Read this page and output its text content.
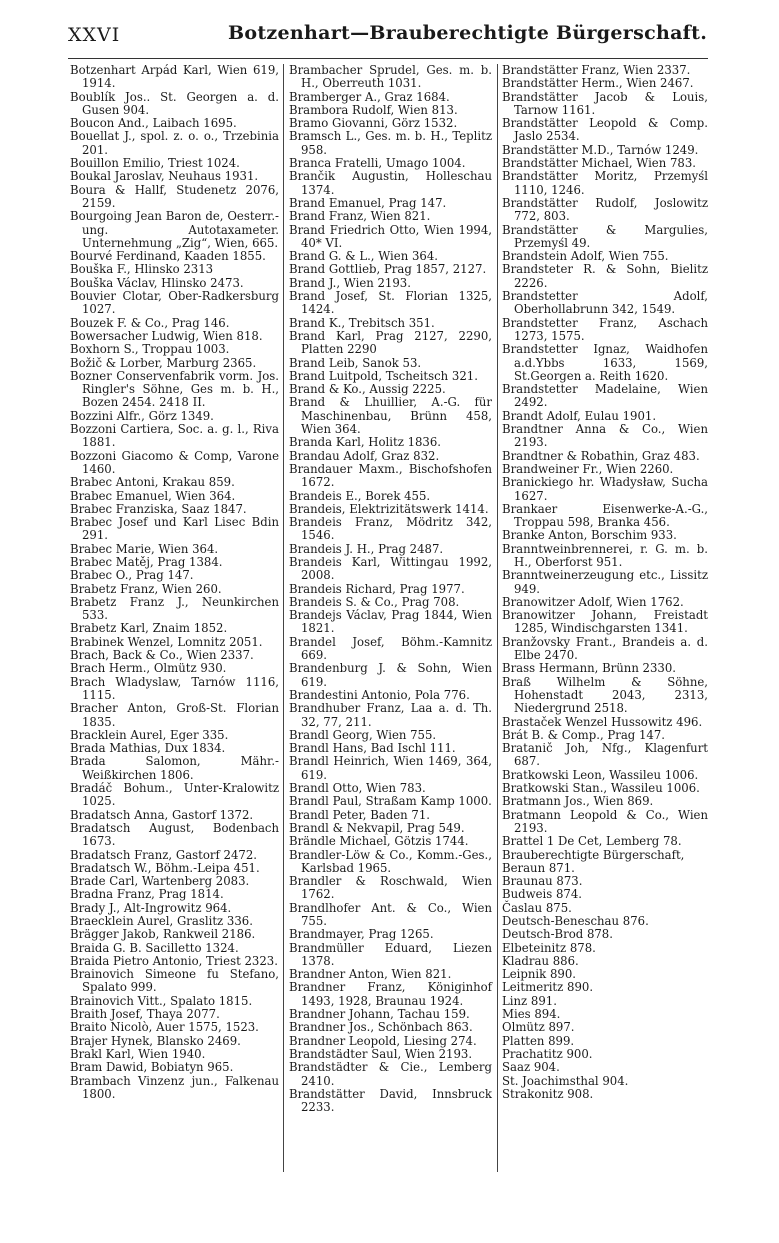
XXVI	Botzenhart—Brauberechtigte Bürgerschaft.

Botzenhart Arpád Karl, Wien 619, 1914.

Boublík Jos.. St. Georgen a. d. Gusen 904.

Boucon And., Laibach 1695.

Bouellat J., spol. z. o. o., Trzebinia 201.

Bouillon Emilio, Triest 1024.

Boukal Jaroslav, Neuhaus 1931.

Boura & Hallf, Studenetz 2076, 2159.

Bourgoing Jean Baron de, Oesterr.-ung. Autotaxameter. Unternehmung „Zig“, Wien, 665.

Bourvé Ferdinand, Kaaden 1855.

Bouška F., Hlinsko 2313

Bouška Václav, Hlinsko 2473.

Bouvier Clotar, Ober-Radkersburg 1027.

Bouzek F. & Co., Prag 146.

Bowersacher Ludwig, Wien 818.

Boxhorn S., Troppau 1003.

Božič & Lorber, Marburg 2365.

Bozner Conservenfabrik vorm. Jos. Ringler's Söhne, Ges m. b. H., Bozen 2454. 2418 II.

Bozzini Alfr., Görz 1349.

Bozzoni Cartiera, Soc. a. g. l., Riva 1881.

Bozzoni Giacomo & Comp, Varone 1460.

Brabec Antoni, Krakau 859.

Brabec Emanuel, Wien 364.

Brabec Franziska, Saaz 1847.

Brabec Josef und Karl Lisec Bdin 291.

Brabec Marie, Wien 364.

Brabec Matěj, Prag 1384.

Brabec O., Prag 147.

Brabetz Franz, Wien 260.

Brabetz Franz J., Neunkirchen 533.

Brabetz Karl, Znaim 1852.

Brabinek Wenzel, Lomnitz 2051.

Brach, Back & Co., Wien 2337.

Brach Herm., Olmütz 930.

Brach Wladyslaw, Tarnów 1116, 1115.

Bracher Anton, Groß-St. Florian 1835.

Bracklein Aurel, Eger 335.

Brada Mathias, Dux 1834.

Brada Salomon, Mähr.-Weißkirchen 1806.

Bradáč Bohum., Unter-Kralowitz 1025.

Bradatsch Anna, Gastorf 1372.

Bradatsch August, Bodenbach 1673.

Bradatsch Franz, Gastorf 2472.

Bradatsch W., Böhm.-Leipa 451.

Brade Carl, Wartenberg 2083.

Bradna Franz, Prag 1814.

Brady J., Alt-Ingrowitz 964.

Braecklein Aurel, Graslitz 336.

Brägger Jakob, Rankweil 2186.

Braida G. B. Sacilletto 1324.

Braida Pietro Antonio, Triest 2323.

Brainovich Simeone fu Stefano, Spalato 999.

Brainovich Vitt., Spalato 1815.

Braith Josef, Thaya 2077.

Braito Nicolò, Auer 1575, 1523.

Brajer Hynek, Blansko 2469.

Brakl Karl, Wien 1940.

Bram Dawid, Bobiatyn 965.

Brambach Vinzenz jun., Falkenau 1800.

Brambacher Sprudel, Ges. m. b. H., Oberreuth 1031.

Bramberger A., Graz 1684.

Brambora Rudolf, Wien 813.

Bramo Giovanni, Görz 1532.

Bramsch L., Ges. m. b. H., Teplitz 958.

Branca Fratelli, Umago 1004.

Brančik Augustin, Holleschau 1374.

Brand Emanuel, Prag 147.

Brand Franz, Wien 821.

Brand Friedrich Otto, Wien 1994, 40* VI.

Brand G. & L., Wien 364.

Brand Gottlieb, Prag 1857, 2127.

Brand J., Wien 2193.

Brand Josef, St. Florian 1325, 1424.

Brand K., Trebitsch 351.

Brand Karl, Prag 2127, 2290, Platten 2290

Brand Leib, Sanok 53.

Brand Luitpold, Tscheitsch 321.

Brand & Ko., Aussig 2225.

Brand & Lhuillier, A.-G. für Maschinenbau, Brünn 458, Wien 364.

Branda Karl, Holitz 1836.

Brandau Adolf, Graz 832.

Brandauer Maxm., Bischofshofen 1672.

Brandeis E., Borek 455.

Brandeis, Elektrizitätswerk 1414.

Brandeis Franz, Mödritz 342, 1546.

Brandeis J. H., Prag 2487.

Brandeis Karl, Wittingau 1992, 2008.

Brandeis Richard, Prag 1977.

Brandeis S. & Co., Prag 708.

Brandejs Václav, Prag 1844, Wien 1821.

Brandel Josef, Böhm.-Kamnitz 669.

Brandenburg J. & Sohn, Wien 619.

Brandestini Antonio, Pola 776.

Brandhuber Franz, Laa a. d. Th. 32, 77, 211.

Brandl Georg, Wien 755.

Brandl Hans, Bad Ischl 111.

Brandl Heinrich, Wien 1469, 364, 619.

Brandl Otto, Wien 783.

Brandl Paul, Straßam Kamp 1000.

Brandl Peter, Baden 71.

Brandl & Nekvapil, Prag 549.

Brändle Michael, Götzis 1744.

Brandler-Löw & Co., Komm.-Ges., Karlsbad 1965.

Brandler & Roschwald, Wien 1762.

Brandlhofer Ant. & Co., Wien 755.

Brandmayer, Prag 1265.

Brandmüller Eduard, Liezen 1378.

Brandner Anton, Wien 821.

Brandner Franz, Königinhof 1493, 1928, Braunau 1924.

Brandner Johann, Tachau 159.

Brandner Jos., Schönbach 863.

Brandner Leopold, Liesing 274.

Brandstädter Saul, Wien 2193.

Brandstädter & Cie., Lemberg 2410.

Brandstätter David, Innsbruck 2233.

Brandstätter Franz, Wien 2337.

Brandstätter Herm., Wien 2467.

Brandstätter Jacob & Louis, Tarnow 1161.

Brandstätter Leopold & Comp. Jaslo 2534.

Brandstätter M.D., Tarnów 1249.

Brandstätter Michael, Wien 783.

Brandstätter Moritz, Przemyśl 1110, 1246.

Brandstätter Rudolf, Joslowitz 772, 803.

Brandstätter & Margulies, Przemyśl 49.

Brandstein Adolf, Wien 755.

Brandsteter R. & Sohn, Bielitz 2226.

Brandstetter Adolf, Oberhollabrunn 342, 1549.

Brandstetter Franz, Aschach 1273, 1575.

Brandstetter Ignaz, Waidhofen a.d.Ybbs 1633, 1569, St.Georgen a. Reith 1620.

Brandstetter Madelaine, Wien 2492.

Brandt Adolf, Eulau 1901.

Brandtner Anna & Co., Wien 2193.

Brandtner & Robathin, Graz 483.

Brandweiner Fr., Wien 2260.

Branickiego hr. Władysław, Sucha 1627.

Brankaer Eisenwerke-A.-G., Troppau 598, Branka 456.

Branke Anton, Borschim 933.

Branntweinbrennerei, r. G. m. b. H., Oberforst 951.

Branntweinerzeugung etc., Lissitz 949.

Branowitzer Adolf, Wien 1762.

Branowitzer Johann, Freistadt 1285, Windischgarsten 1341.

Branžovsky Frant., Brandeis a. d. Elbe 2470.

Brass Hermann, Brünn 2330.

Braß Wilhelm & Söhne, Hohenstadt 2043, 2313, Niedergrund 2518.

Brastaček Wenzel Hussowitz 496.

Brát B. & Comp., Prag 147.

Bratanič Joh, Nfg., Klagenfurt 687.

Bratkowski Leon, Wassileu 1006.

Bratkowski Stan., Wassileu 1006.

Bratmann Jos., Wien 869.

Bratmann Leopold & Co., Wien 2193.

Brattel 1 De Cet, Lemberg 78.

Brauberechtigte Bürgerschaft,

Beraun 871.

Braunau 873.

Budweis 874.

Časlau 875.

Deutsch-Beneschau 876.

Deutsch-Brod 878.

Elbeteinitz 878.

Kladrau 886.

Leipnik 890.

Leitmeritz 890.

Linz 891.

Mies 894.

Olmütz 897.

Platten 899.

Prachatitz 900.

Saaz 904.

St. Joachimsthal 904.

Strakonitz 908.
